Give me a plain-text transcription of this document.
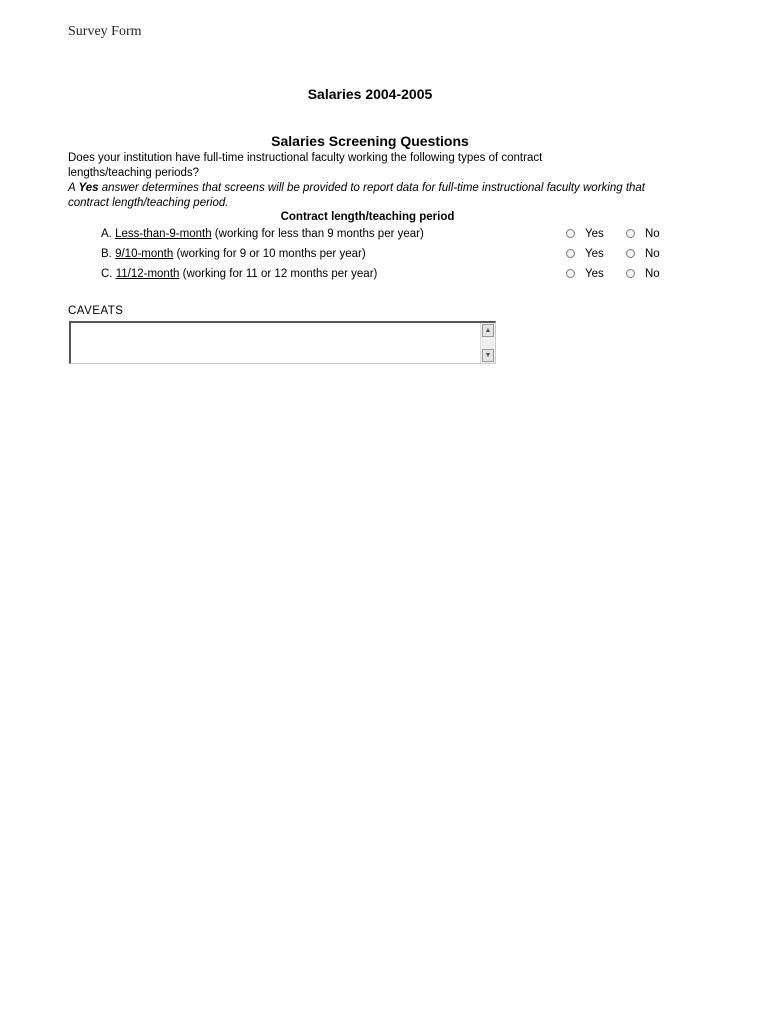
Survey Form
Salaries 2004-2005
Salaries Screening Questions
Does your institution have full-time instructional faculty working the following types of contract lengths/teaching periods?
A Yes answer determines that screens will be provided to report data for full-time instructional faculty working that contract length/teaching period.
Contract length/teaching period
A. Less-than-9-month (working for less than 9 months per year)	Yes	No
B. 9/10-month (working for 9 or 10 months per year)	Yes	No
C. 11/12-month (working for 11 or 12 months per year)	Yes	No
CAVEATS
▲
▼
